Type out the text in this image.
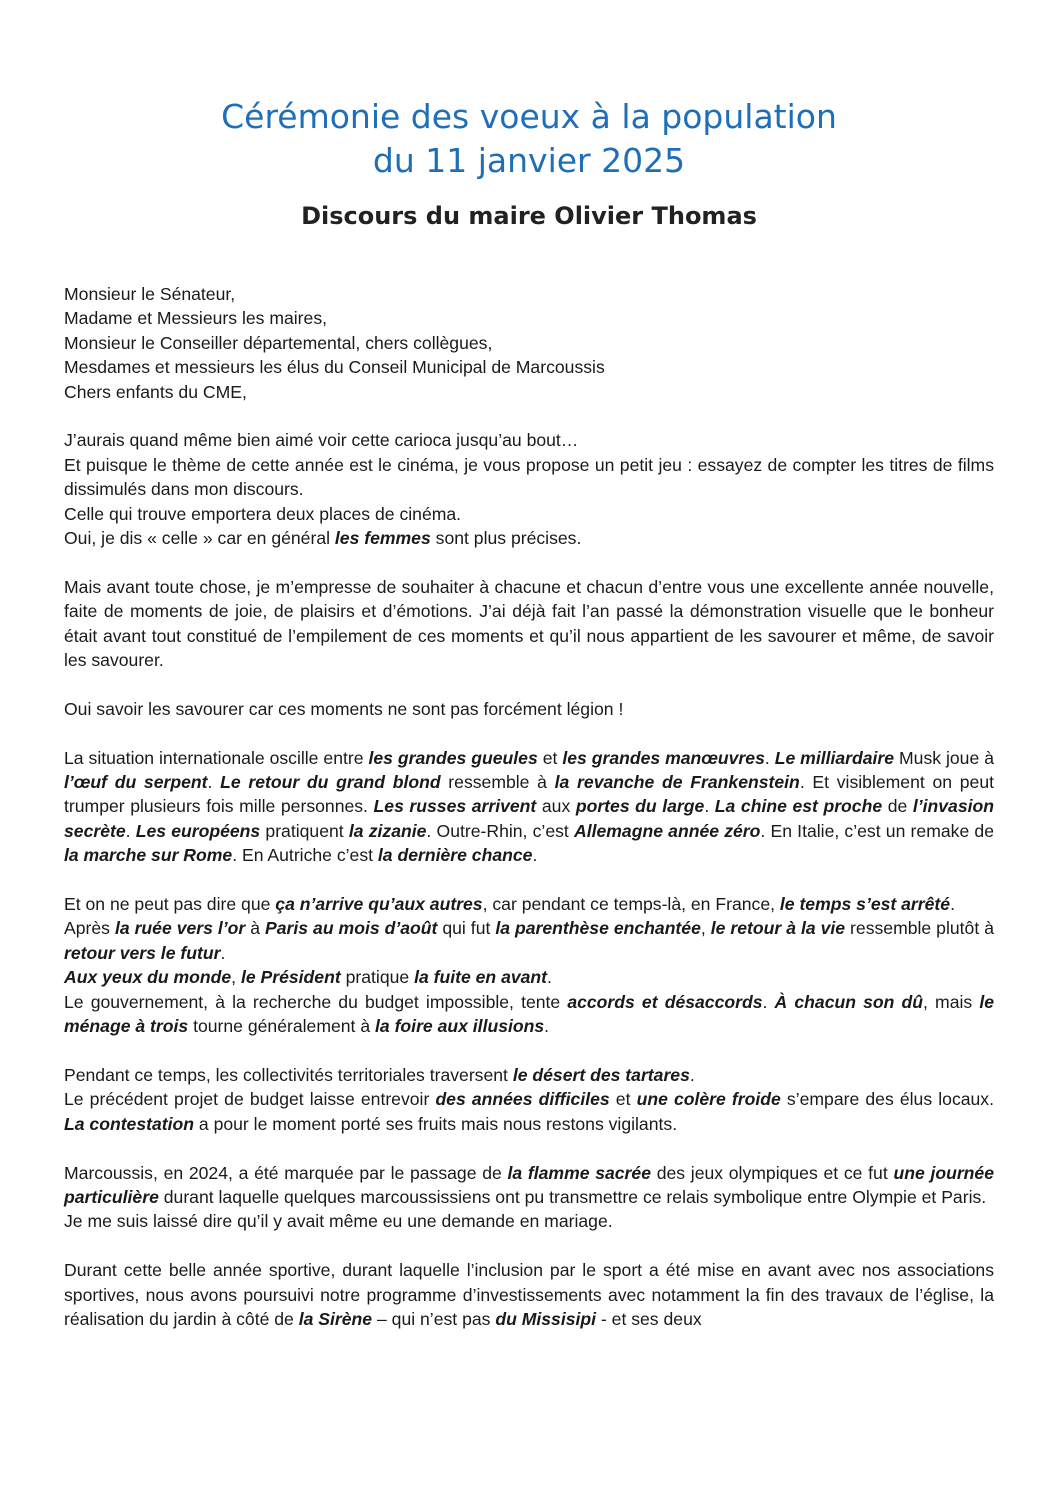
Cérémonie des voeux à la population
du 11 janvier 2025
Discours du maire Olivier Thomas

Monsieur le Sénateur,
Madame et Messieurs les maires,
Monsieur le Conseiller départemental, chers collègues,
Mesdames et messieurs les élus du Conseil Municipal de Marcoussis
Chers enfants du CME,

J’aurais quand même bien aimé voir cette carioca jusqu’au bout…
Et puisque le thème de cette année est le cinéma, je vous propose un petit jeu : essayez de compter les titres de films dissimulés dans mon discours.
Celle qui trouve emportera deux places de cinéma.
Oui, je dis « celle » car en général les femmes sont plus précises.

Mais avant toute chose, je m’empresse de souhaiter à chacune et chacun d’entre vous une excellente année nouvelle, faite de moments de joie, de plaisirs et d’émotions. J’ai déjà fait l’an passé la démonstration visuelle que le bonheur était avant tout constitué de l’empilement de ces moments et qu’il nous appartient de les savourer et même, de savoir les savourer.

Oui savoir les savourer car ces moments ne sont pas forcément légion !

La situation internationale oscille entre les grandes gueules et les grandes manœuvres. Le milliardaire Musk joue à l’œuf du serpent. Le retour du grand blond ressemble à la revanche de Frankenstein. Et visiblement on peut trumper plusieurs fois mille personnes. Les russes arrivent aux portes du large. La chine est proche de l’invasion secrète. Les européens pratiquent la zizanie. Outre-Rhin, c’est Allemagne année zéro. En Italie, c’est un remake de la marche sur Rome. En Autriche c’est la dernière chance.

Et on ne peut pas dire que ça n’arrive qu’aux autres, car pendant ce temps-là, en France, le temps s’est arrêté.
Après la ruée vers l’or à Paris au mois d’août qui fut la parenthèse enchantée, le retour à la vie ressemble plutôt à retour vers le futur.
Aux yeux du monde, le Président pratique la fuite en avant.
Le gouvernement, à la recherche du budget impossible, tente accords et désaccords. À chacun son dû, mais le ménage à trois tourne généralement à la foire aux illusions.

Pendant ce temps, les collectivités territoriales traversent le désert des tartares.
Le précédent projet de budget laisse entrevoir des années difficiles et une colère froide s’empare des élus locaux. La contestation a pour le moment porté ses fruits mais nous restons vigilants.

Marcoussis, en 2024, a été marquée par le passage de la flamme sacrée des jeux olympiques et ce fut une journée particulière durant laquelle quelques marcoussissiens ont pu transmettre ce relais symbolique entre Olympie et Paris.
Je me suis laissé dire qu’il y avait même eu une demande en mariage.

Durant cette belle année sportive, durant laquelle l’inclusion par le sport a été mise en avant avec nos associations sportives, nous avons poursuivi notre programme d’investissements avec notamment la fin des travaux de l’église, la réalisation du jardin à côté de la Sirène – qui n’est pas du Missisipi - et ses deux
